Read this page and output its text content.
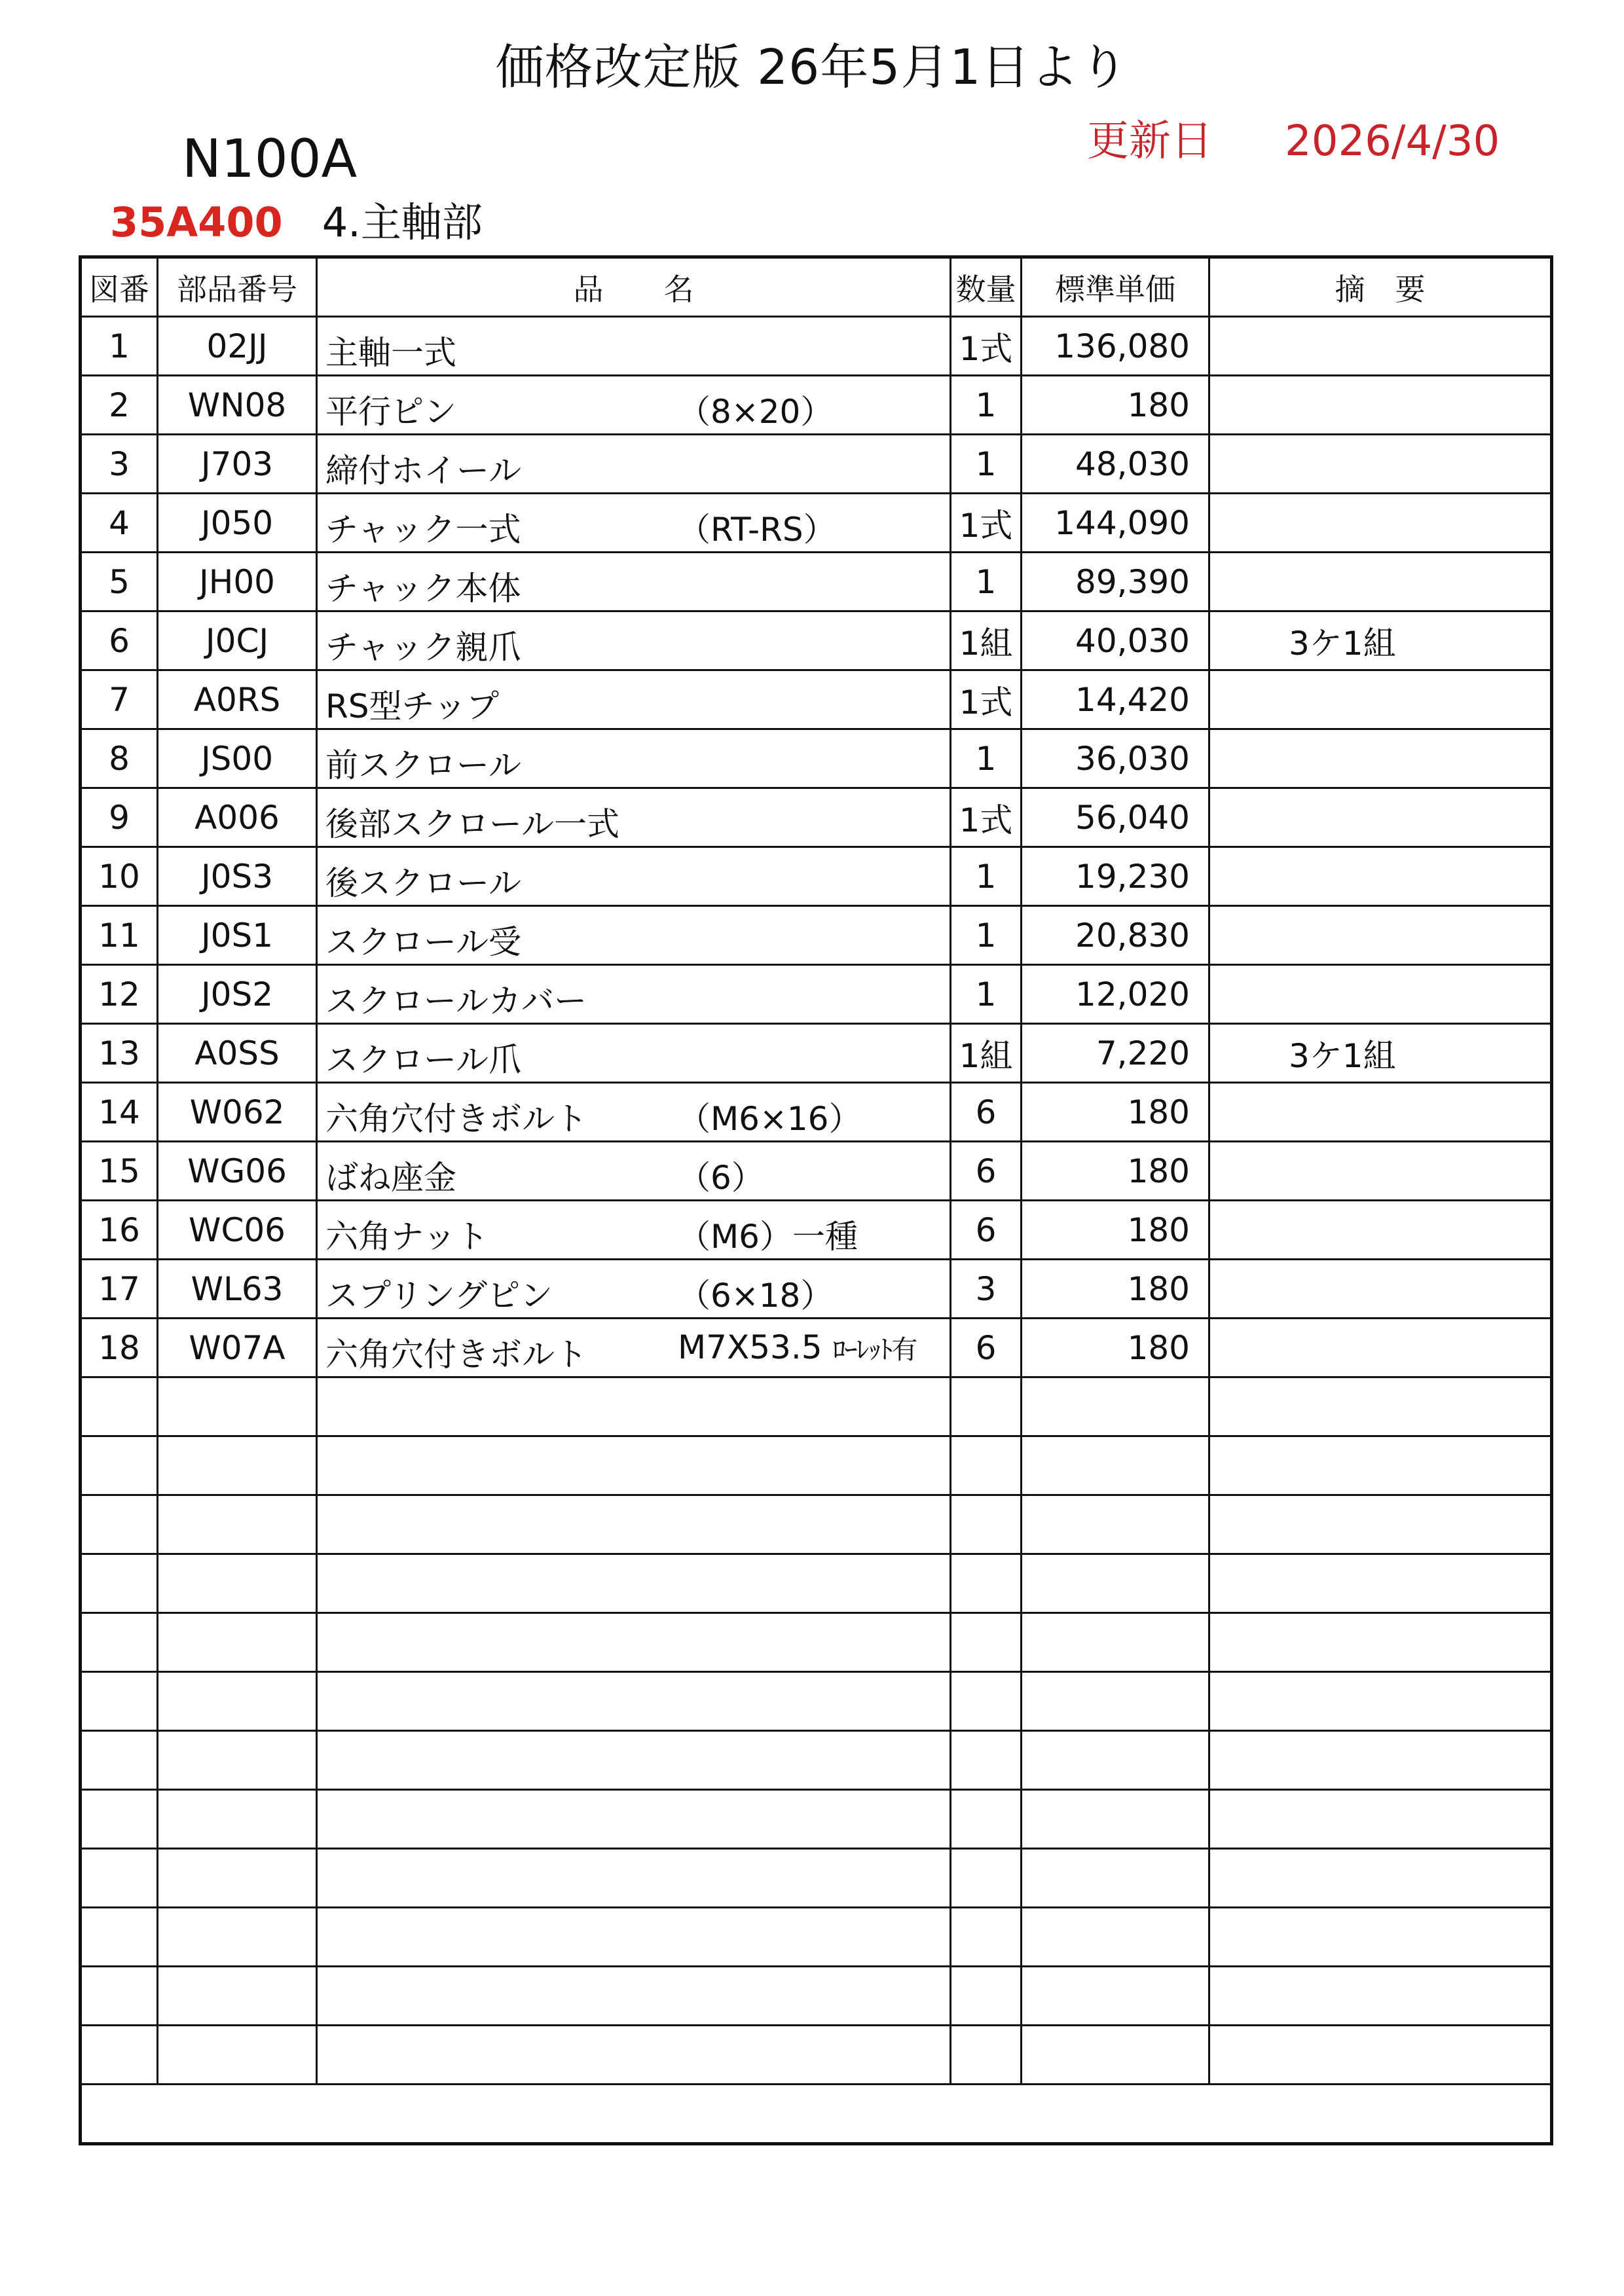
価格改定版 26年5月1日より
N100A	更新日 2026/4/30
35A400 4.主軸部
図番	部品番号	品　　名	数量	標準単価	摘　要
1	02JJ	主軸一式	1式	136,080	
2	WN08	平行ピン （8×20）	1	180	
3	J703	締付ホイール	1	48,030	
4	J050	チャック一式 （RT-RS）	1式	144,090	
5	JH00	チャック本体	1	89,390	
6	J0CJ	チャック親爪	1組	40,030	3ケ1組
7	A0RS	RS型チップ	1式	14,420	
8	JS00	前スクロール	1	36,030	
9	A006	後部スクロール一式	1式	56,040	
10	J0S3	後スクロール	1	19,230	
11	J0S1	スクロール受	1	20,830	
12	J0S2	スクロールカバー	1	12,020	
13	A0SS	スクロール爪	1組	7,220	3ケ1組
14	W062	六角穴付きボルト （M6×16）	6	180	
15	WG06	ばね座金 （6）	6	180	
16	WC06	六角ナット （M6）一種	6	180	
17	WL63	スプリングピン （6×18）	3	180	
18	W07A	六角穴付きボルト M7X53.5 ﾛｰﾚｯﾄ有	6	180	
